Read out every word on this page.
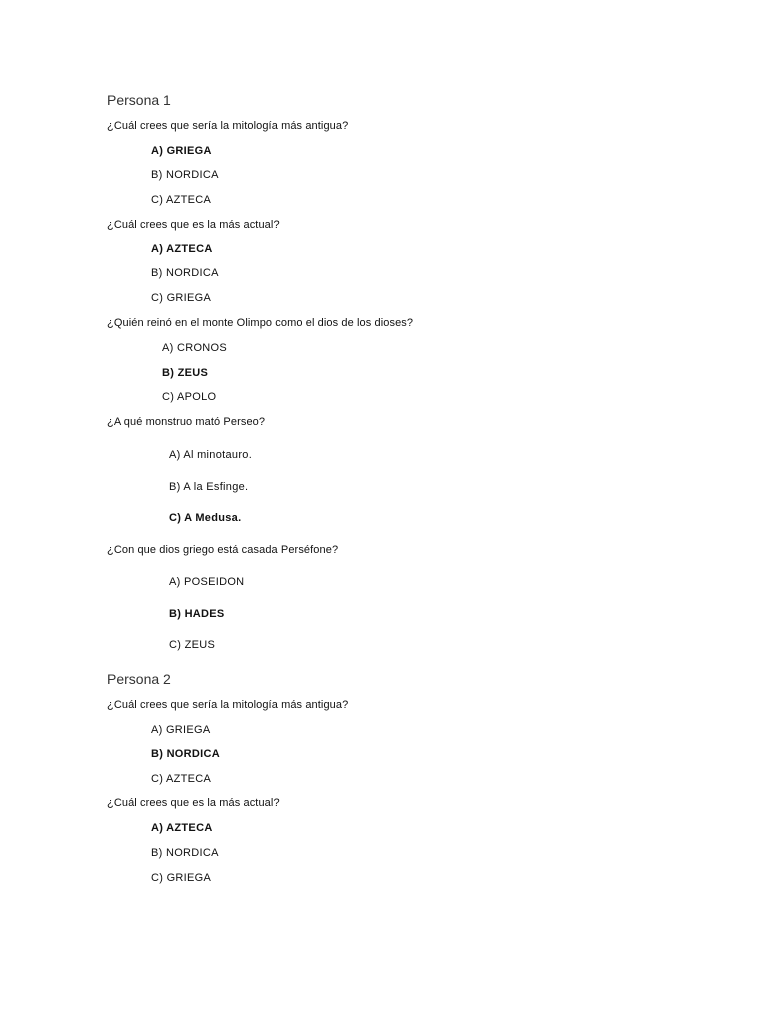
Persona 1
¿Cuál crees que sería la mitología más antigua?
A) GRIEGA
B) NORDICA
C) AZTECA
¿Cuál crees que es la más actual?
A) AZTECA
B) NORDICA
C) GRIEGA
¿Quién reinó en el monte Olimpo como el dios de los dioses?
A) CRONOS
B) ZEUS
C) APOLO
¿A qué monstruo mató Perseo?
A) Al minotauro.
B) A la Esfinge.
C) A Medusa.
¿Con que dios griego está casada Perséfone?
A) POSEIDON
B) HADES
C) ZEUS
Persona 2
¿Cuál crees que sería la mitología más antigua?
A) GRIEGA
B) NORDICA
C) AZTECA
¿Cuál crees que es la más actual?
A) AZTECA
B) NORDICA
C) GRIEGA
